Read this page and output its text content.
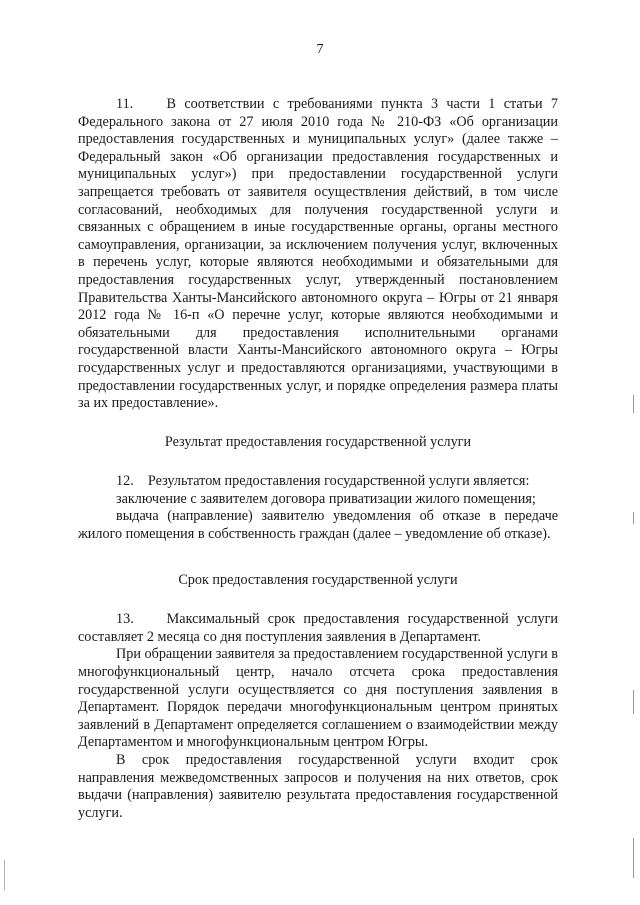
7

11.    В соответствии с требованиями пункта 3 части 1 статьи 7 Федерального закона от 27 июля 2010 года № 210-ФЗ «Об организации предоставления государственных и муниципальных услуг» (далее также – Федеральный закон «Об организации предоставления государственных и муниципальных услуг») при предоставлении государственной услуги запрещается требовать от заявителя осуществления действий, в том числе согласований, необходимых для получения государственной услуги и связанных с обращением в иные государственные органы, органы местного самоуправления, организации, за исключением получения услуг, включенных в перечень услуг, которые являются необходимыми и обязательными для предоставления государственных услуг, утвержденный постановлением Правительства Ханты-Мансийского автономного округа – Югры от 21 января 2012 года № 16-п «О перечне услуг, которые являются необходимыми и обязательными для предоставления исполнительными органами государственной власти Ханты-Мансийского автономного округа – Югры государственных услуг и предоставляются организациями, участвующими в предоставлении государственных услуг, и порядке определения размера платы за их предоставление».

Результат предоставления государственной услуги

12.    Результатом предоставления государственной услуги является:

заключение с заявителем договора приватизации жилого помещения;

выдача (направление) заявителю уведомления об отказе в передаче жилого помещения в собственность граждан (далее – уведомление об отказе).

Срок предоставления государственной услуги

13.    Максимальный срок предоставления государственной услуги составляет 2 месяца со дня поступления заявления в Департамент.

При обращении заявителя за предоставлением государственной услуги в многофункциональный центр, начало отсчета срока предоставления государственной услуги осуществляется со дня поступления заявления в Департамент. Порядок передачи многофункциональным центром принятых заявлений в Департамент определяется соглашением о взаимодействии между Департаментом и многофункциональным центром Югры.

В срок предоставления государственной услуги входит срок направления межведомственных запросов и получения на них ответов, срок выдачи (направления) заявителю результата предоставления государственной услуги.
